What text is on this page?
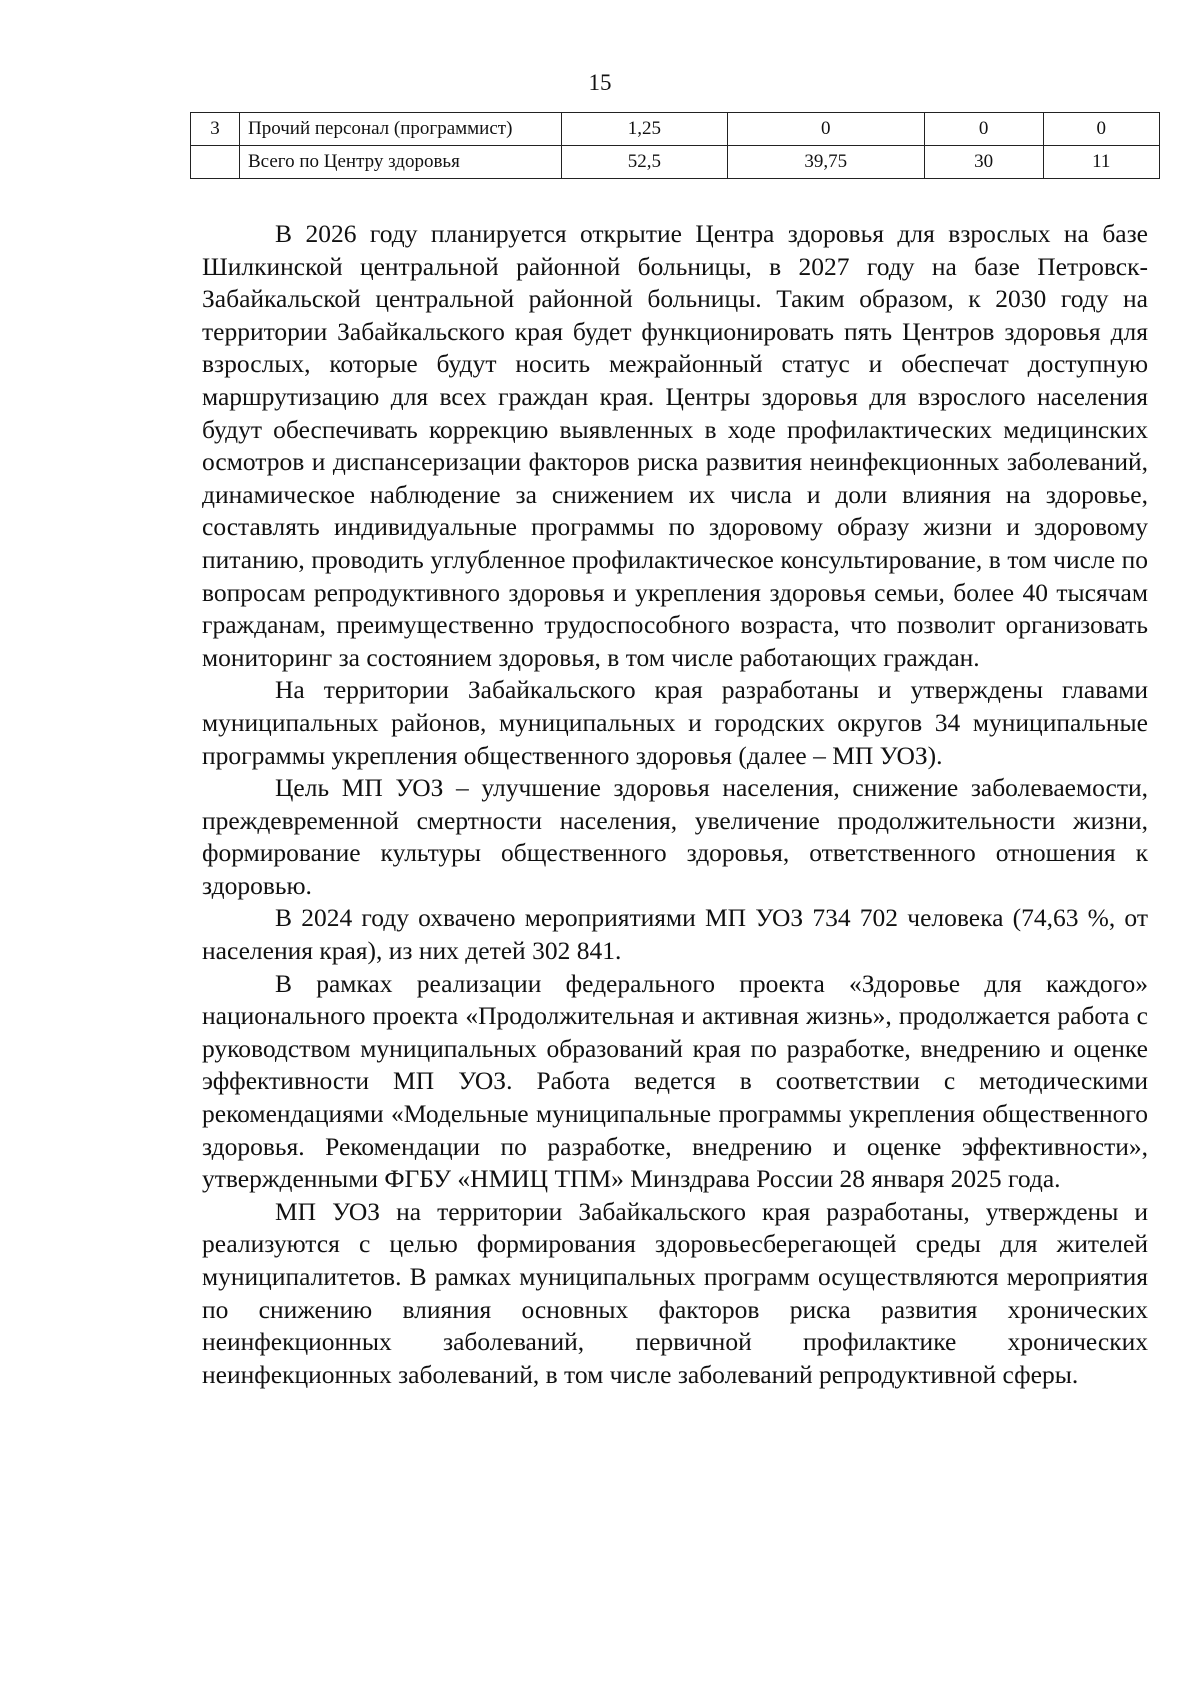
15
3	Прочий персонал (программист)	1,25	0	0	0
	Всего по Центру здоровья	52,5	39,75	30	11

В 2026 году планируется открытие Центра здоровья для взрослых на базе Шилкинской центральной районной больницы, в 2027 году на базе Петровск-Забайкальской центральной районной больницы. Таким образом, к 2030 году на территории Забайкальского края будет функционировать пять Центров здоровья для взрослых, которые будут носить межрайонный статус и обеспечат доступную маршрутизацию для всех граждан края. Центры здоровья для взрослого населения будут обеспечивать коррекцию выявленных в ходе профилактических медицинских осмотров и диспансеризации факторов риска развития неинфекционных заболеваний, динамическое наблюдение за снижением их числа и доли влияния на здоровье, составлять индивидуальные программы по здоровому образу жизни и здоровому питанию, проводить углубленное профилактическое консультирование, в том числе по вопросам репродуктивного здоровья и укрепления здоровья семьи, более 40 тысячам гражданам, преимущественно трудоспособного возраста, что позволит организовать мониторинг за состоянием здоровья, в том числе работающих граждан.

На территории Забайкальского края разработаны и утверждены главами муниципальных районов, муниципальных и городских округов 34 муниципальные программы укрепления общественного здоровья (далее – МП УОЗ).

Цель МП УОЗ – улучшение здоровья населения, снижение заболеваемости, преждевременной смертности населения, увеличение продолжительности жизни, формирование культуры общественного здоровья, ответственного отношения к здоровью.

В 2024 году охвачено мероприятиями МП УОЗ 734 702 человека (74,63 %, от населения края), из них детей 302 841.

В рамках реализации федерального проекта «Здоровье для каждого» национального проекта «Продолжительная и активная жизнь», продолжается работа с руководством муниципальных образований края по разработке, внедрению и оценке эффективности МП УОЗ. Работа ведется в соответствии с методическими рекомендациями «Модельные муниципальные программы укрепления общественного здоровья. Рекомендации по разработке, внедрению и оценке эффективности», утвержденными ФГБУ «НМИЦ ТПМ» Минздрава России 28 января 2025 года.

МП УОЗ на территории Забайкальского края разработаны, утверждены и реализуются с целью формирования здоровьесберегающей среды для жителей муниципалитетов. В рамках муниципальных программ осуществляются мероприятия по снижению влияния основных факторов риска развития хронических неинфекционных заболеваний, первичной профилактике хронических неинфекционных заболеваний, в том числе заболеваний репродуктивной сферы.
